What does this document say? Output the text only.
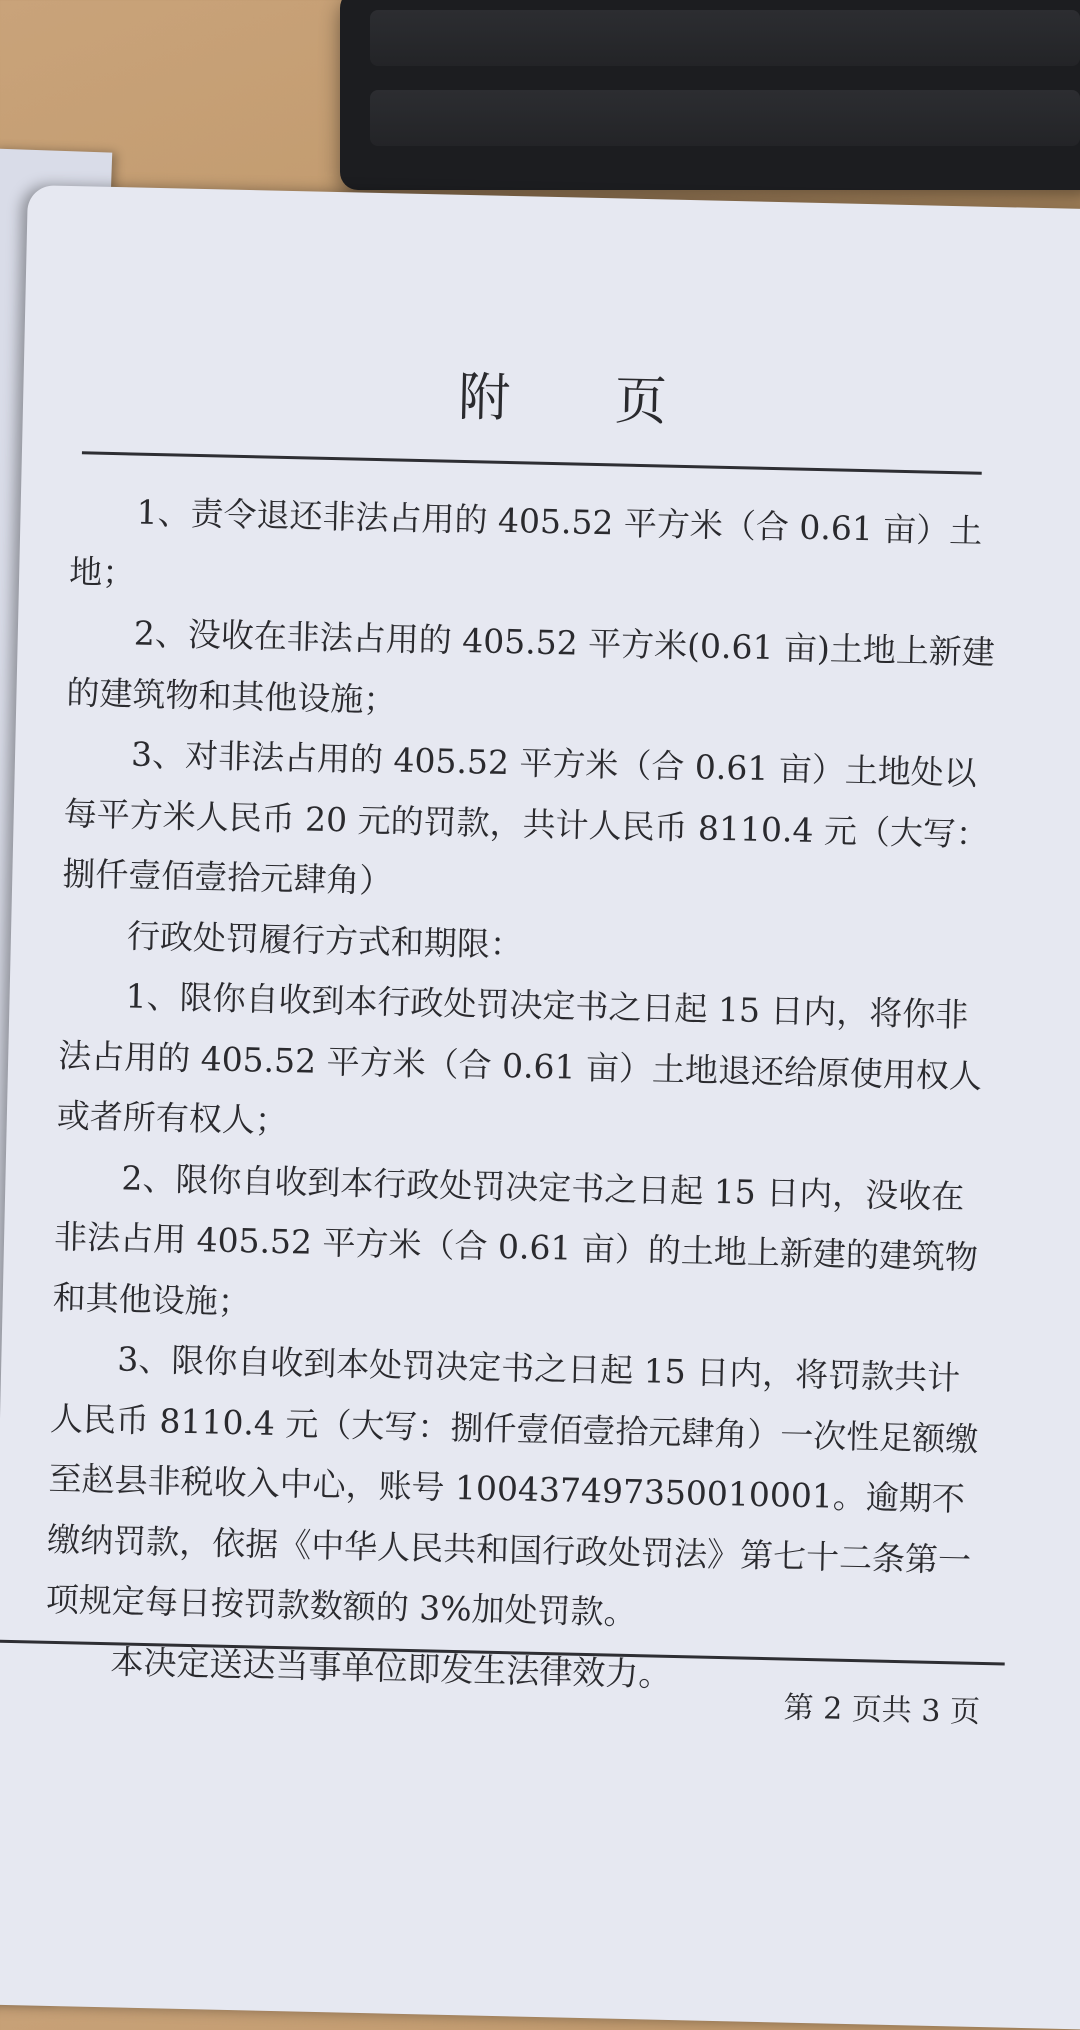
附 页

1、责令退还非法占用的 405.52 平方米（合 0.61 亩）土地；

2、没收在非法占用的 405.52 平方米(0.61 亩)土地上新建的建筑物和其他设施；

3、对非法占用的 405.52 平方米（合 0.61 亩）土地处以每平方米人民币 20 元的罚款，共计人民币 8110.4 元（大写：捌仟壹佰壹拾元肆角）

行政处罚履行方式和期限：

1、限你自收到本行政处罚决定书之日起 15 日内，将你非法占用的 405.52 平方米（合 0.61 亩）土地退还给原使用权人或者所有权人；

2、限你自收到本行政处罚决定书之日起 15 日内，没收在非法占用 405.52 平方米（合 0.61 亩）的土地上新建的建筑物和其他设施；

3、限你自收到本处罚决定书之日起 15 日内，将罚款共计人民币 8110.4 元（大写：捌仟壹佰壹拾元肆角）一次性足额缴至赵县非税收入中心，账号 100437497350010001。逾期不缴纳罚款，依据《中华人民共和国行政处罚法》第七十二条第一项规定每日按罚款数额的 3%加处罚款。

本决定送达当事单位即发生法律效力。

第 2 页共 3 页
